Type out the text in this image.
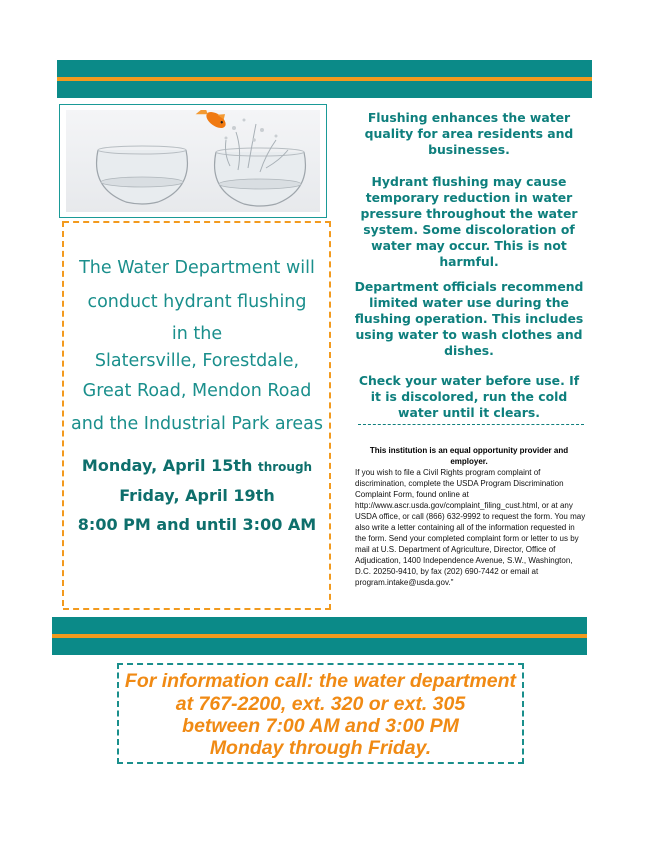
The Water Department will
conduct hydrant flushing
in the
Slatersville, Forestdale,
Great Road, Mendon Road
and the Industrial Park areas
Monday, April 15th through
Friday, April 19th
8:00 PM and until 3:00 AM

Flushing enhances the water quality for area residents and businesses.

Hydrant flushing may cause temporary reduction in water pressure throughout the water system. Some discoloration of water may occur. This is not harmful.

Department officials recommend limited water use during the flushing operation. This includes using water to wash clothes and dishes.

Check your water before use. If it is discolored, run the cold water until it clears.

This institution is an equal opportunity provider and employer.

If you wish to file a Civil Rights program complaint of discrimination, complete the USDA Program Discrimination Complaint Form, found online at http://www.ascr.usda.gov/complaint_filing_cust.html, or at any USDA office, or call (866) 632-9992 to request the form. You may also write a letter containing all of the information requested in the form. Send your completed complaint form or letter to us by mail at U.S. Department of Agriculture, Director, Office of Adjudication, 1400 Independence Avenue, S.W., Washington, D.C. 20250-9410, by fax (202) 690-7442 or email at program.intake@usda.gov."

For information call: the water department

at 767-2200, ext. 320 or ext. 305

between 7:00 AM and 3:00 PM

Monday through Friday.
